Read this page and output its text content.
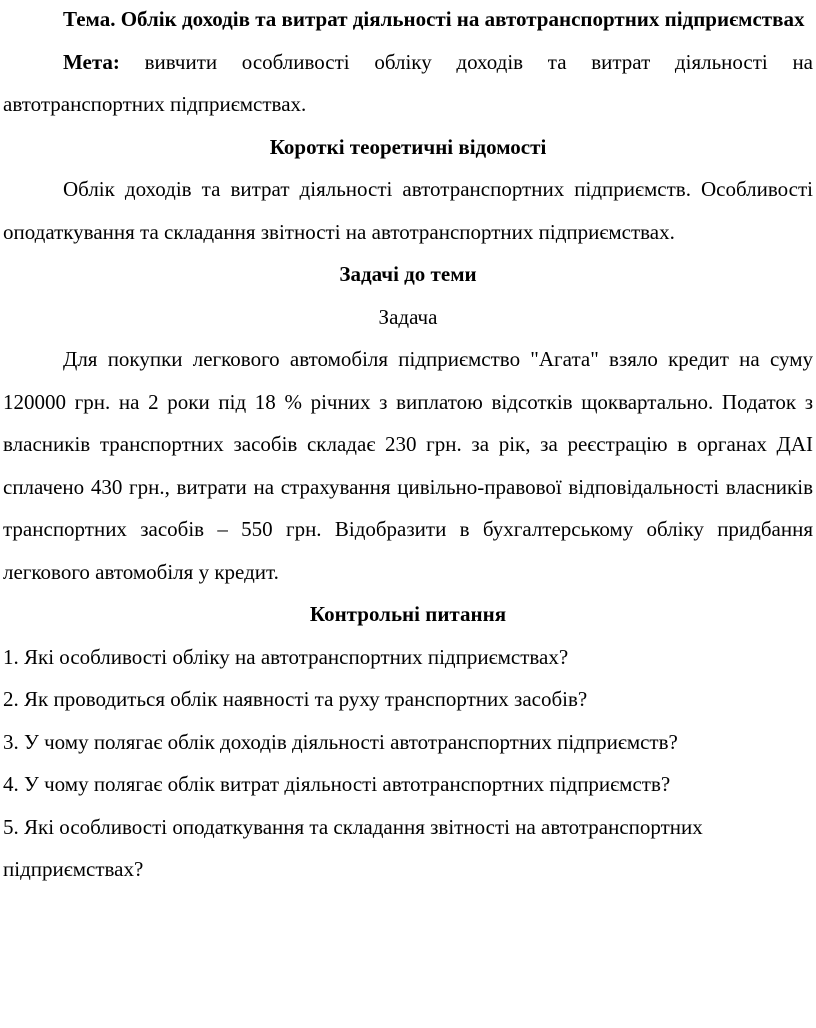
Тема. Облік доходів та витрат діяльності на автотранспортних підприємствах

Мета: вивчити особливості обліку доходів та витрат діяльності на автотранспортних підприємствах.

Короткі теоретичні відомості

Облік доходів та витрат діяльності автотранспортних підприємств. Особливості оподаткування та складання звітності на автотранспортних підприємствах.

Задачі до теми

Задача

Для покупки легкового автомобіля підприємство "Агата" взяло кредит на суму 120000 грн. на 2 роки під 18 % річних з виплатою відсотків щоквартально. Податок з власників транспортних засобів складає 230 грн. за рік, за реєстрацію в органах ДАІ сплачено 430 грн., витрати на страхування цивільно-правової відповідальності власників транспортних засобів – 550 грн. Відобразити в бухгалтерському обліку придбання легкового автомобіля у кредит.

Контрольні питання

1. Які особливості обліку на автотранспортних підприємствах?

2. Як проводиться облік наявності та руху транспортних засобів?

3. У чому полягає облік доходів діяльності автотранспортних підприємств?

4. У чому полягає облік витрат діяльності автотранспортних підприємств?

5. Які особливості оподаткування та складання звітності на автотранспортних підприємствах?
